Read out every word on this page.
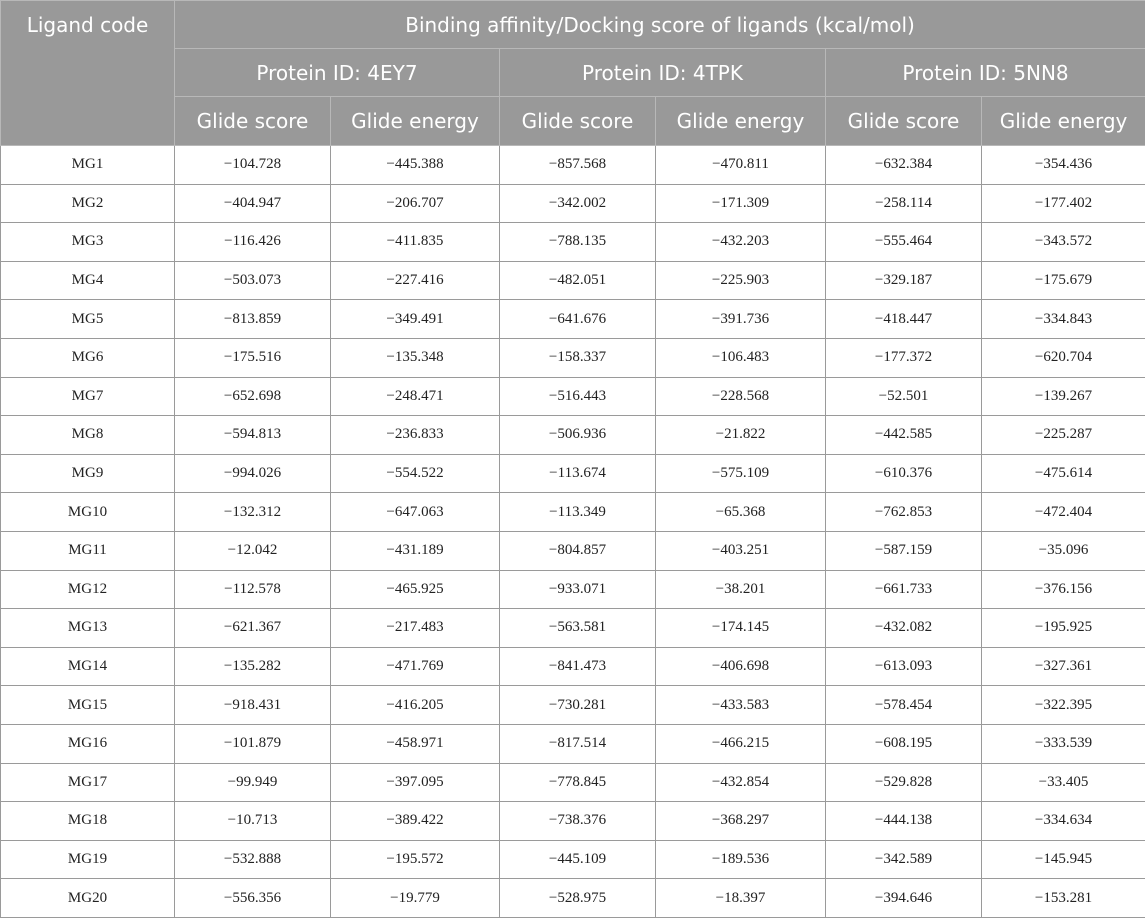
Ligand code	Binding affinity/Docking score of ligands (kcal/mol)					
	Protein ID: 4EY7		Protein ID: 4TPK		Protein ID: 5NN8	
	Glide score	Glide energy	Glide score	Glide energy	Glide score	Glide energy
MG1	−104.728	−445.388	−857.568	−470.811	−632.384	−354.436
MG2	−404.947	−206.707	−342.002	−171.309	−258.114	−177.402
MG3	−116.426	−411.835	−788.135	−432.203	−555.464	−343.572
MG4	−503.073	−227.416	−482.051	−225.903	−329.187	−175.679
MG5	−813.859	−349.491	−641.676	−391.736	−418.447	−334.843
MG6	−175.516	−135.348	−158.337	−106.483	−177.372	−620.704
MG7	−652.698	−248.471	−516.443	−228.568	−52.501	−139.267
MG8	−594.813	−236.833	−506.936	−21.822	−442.585	−225.287
MG9	−994.026	−554.522	−113.674	−575.109	−610.376	−475.614
MG10	−132.312	−647.063	−113.349	−65.368	−762.853	−472.404
MG11	−12.042	−431.189	−804.857	−403.251	−587.159	−35.096
MG12	−112.578	−465.925	−933.071	−38.201	−661.733	−376.156
MG13	−621.367	−217.483	−563.581	−174.145	−432.082	−195.925
MG14	−135.282	−471.769	−841.473	−406.698	−613.093	−327.361
MG15	−918.431	−416.205	−730.281	−433.583	−578.454	−322.395
MG16	−101.879	−458.971	−817.514	−466.215	−608.195	−333.539
MG17	−99.949	−397.095	−778.845	−432.854	−529.828	−33.405
MG18	−10.713	−389.422	−738.376	−368.297	−444.138	−334.634
MG19	−532.888	−195.572	−445.109	−189.536	−342.589	−145.945
MG20	−556.356	−19.779	−528.975	−18.397	−394.646	−153.281
